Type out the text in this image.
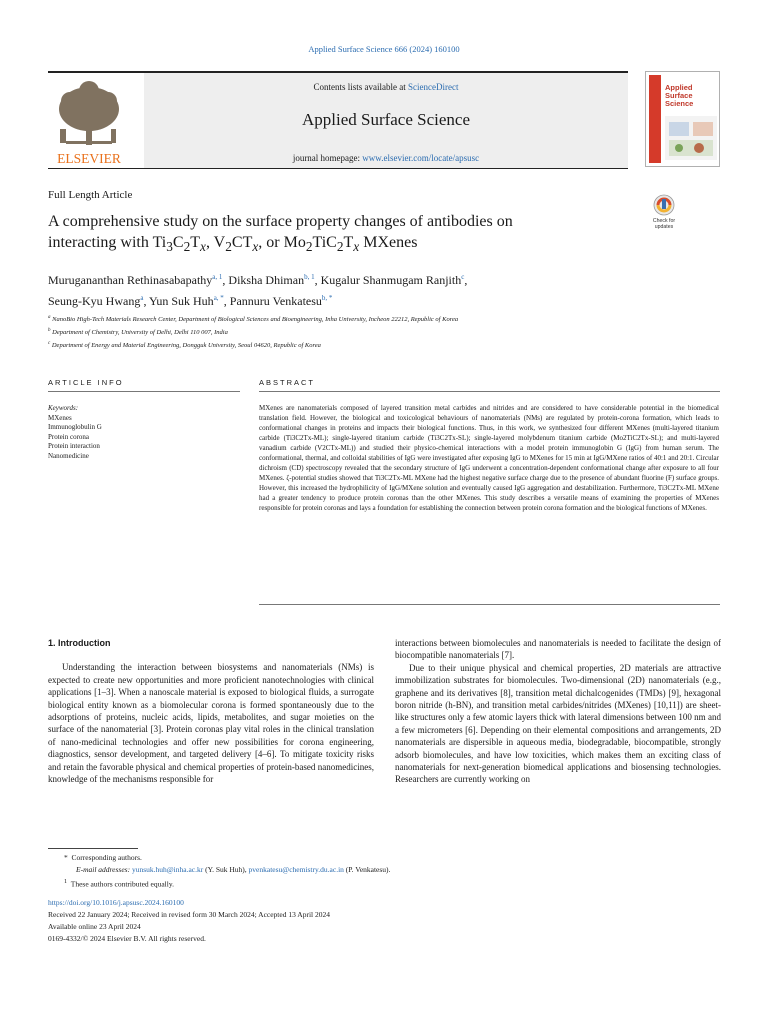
Applied Surface Science 666 (2024) 160100
ELSEVIER
Contents lists available at ScienceDirect
Applied Surface Science
journal homepage: www.elsevier.com/locate/apsusc
Applied
Surface Science
Full Length Article
A comprehensive study on the surface property changes of antibodies on
interacting with $Ti_3C_2T_x$, $V_2CT_x$, or $Mo_2TiC_2T_x$ MXenes
Check for
updates
Murugananthan Rethinasabapathy$^{a, 1}$, Diksha Dhiman$^{b, 1}$, Kugalur Shanmugam Ranjith$^c$,
Seung-Kyu Hwang$^a$, Yun Suk Huh$^{a, *}$, Pannuru Venkatesu$^{b, *}$
$^a$ NanoBio High-Tech Materials Research Center, Department of Biological Sciences and Bioengineering, Inha University, Incheon 22212, Republic of Korea
$^b$ Department of Chemistry, University of Delhi, Delhi 110 007, India
$^c$ Department of Energy and Material Engineering, Dongguk University, Seoul 04620, Republic of Korea
ARTICLE INFO	ABSTRACT
Keywords:
MXenes
Immunoglobulin G
Protein corona
Protein interaction
Nanomedicine
MXenes are nanomaterials composed of layered transition metal carbides and nitrides and are considered to have considerable potential in the biomedical translation field. However, the biological and toxicological behaviours of nanomaterials (NMs) are regulated by protein-corona formation, which leads to conformational changes in proteins and impacts their biological functions. Thus, in this work, we synthesized four different MXenes (multi-layered titanium carbide (Ti3C2Tx-ML); single-layered titanium carbide (Ti3C2Tx-SL); single-layered molybdenum titanium carbide (Mo2TiC2Tx-SL); and multi-layered vanadium carbide (V2CTx-ML)) and studied their physico-chemical interactions with a model protein immunoglobin G (IgG) from human serum. The conformational, thermal, and colloidal stabilities of IgG were investigated after exposing IgG to MXenes for 15 min at IgG/MXene ratios of 40:1 and 20:1. Circular dichroism (CD) spectroscopy revealed that the secondary structure of IgG underwent a concentration-dependent conformational change after exposure to all four MXenes. ζ-potential studies showed that Ti3C2Tx-ML MXene had the highest negative surface charge due to the presence of abundant fluorine (F) surface groups. However, this increased the hydrophilicity of IgG/MXene solution and eventually caused IgG aggregation and destabilization. Furthermore, Ti3C2Tx-ML MXene had a greater tendency to produce protein coronas than the other MXenes. This study describes a versatile means of examining the properties of MXenes responsible for protein coronas and lays a foundation for establishing the connection between protein corona formation and the biological functions of MXenes.
1. Introduction

Understanding the interaction between biosystems and nanomaterials (NMs) is expected to create new opportunities and more proficient nanotechnologies with clinical applications [1–3]. When a nanoscale material is exposed to biological fluids, a surrogate biological entity known as a biomolecular corona is formed spontaneously due to the adsorptions of proteins, nucleic acids, lipids, metabolites, and sugar moieties on the surface of the nanomaterial [3]. Protein coronas play vital roles in the clinical translation of nano-medicinal technologies and offer new possibilities for corona engineering, diagnostics, sensor development, and targeted delivery [4–6]. To mitigate toxicity risks and retain the favorable physical and chemical properties of protein-based nanomedicines, knowledge of the mechanisms responsible for

interactions between biomolecules and nanomaterials is needed to facilitate the design of biocompatible nanomaterials [7].

Due to their unique physical and chemical properties, 2D materials are attractive immobilization substrates for biomolecules. Two-dimensional (2D) nanomaterials (e.g., graphene and its derivatives [8], transition metal dichalcogenides (TMDs) [9], hexagonal boron nitride (h-BN), and transition metal carbides/nitrides (MXenes) [10,11]) are sheet-like structures only a few atomic layers thick with lateral dimensions between 100 nm and a few micrometers [6]. Depending on their elemental compositions and arrangements, 2D nanomaterials are dispersible in aqueous media, biodegradable, biocompatible, strongly adsorb biomolecules, and have low toxicities, which makes them an exciting class of nanomaterials for next-generation biomedical applications and biosensing technologies. Researchers are currently working on

* Corresponding authors.
E-mail addresses: yunsuk.huh@inha.ac.kr (Y. Suk Huh), pvenkatesu@chemistry.du.ac.in (P. Venkatesu).
$^1$ These authors contributed equally.
https://doi.org/10.1016/j.apsusc.2024.160100
Received 22 January 2024; Received in revised form 30 March 2024; Accepted 13 April 2024
Available online 23 April 2024
0169-4332/© 2024 Elsevier B.V. All rights reserved.
